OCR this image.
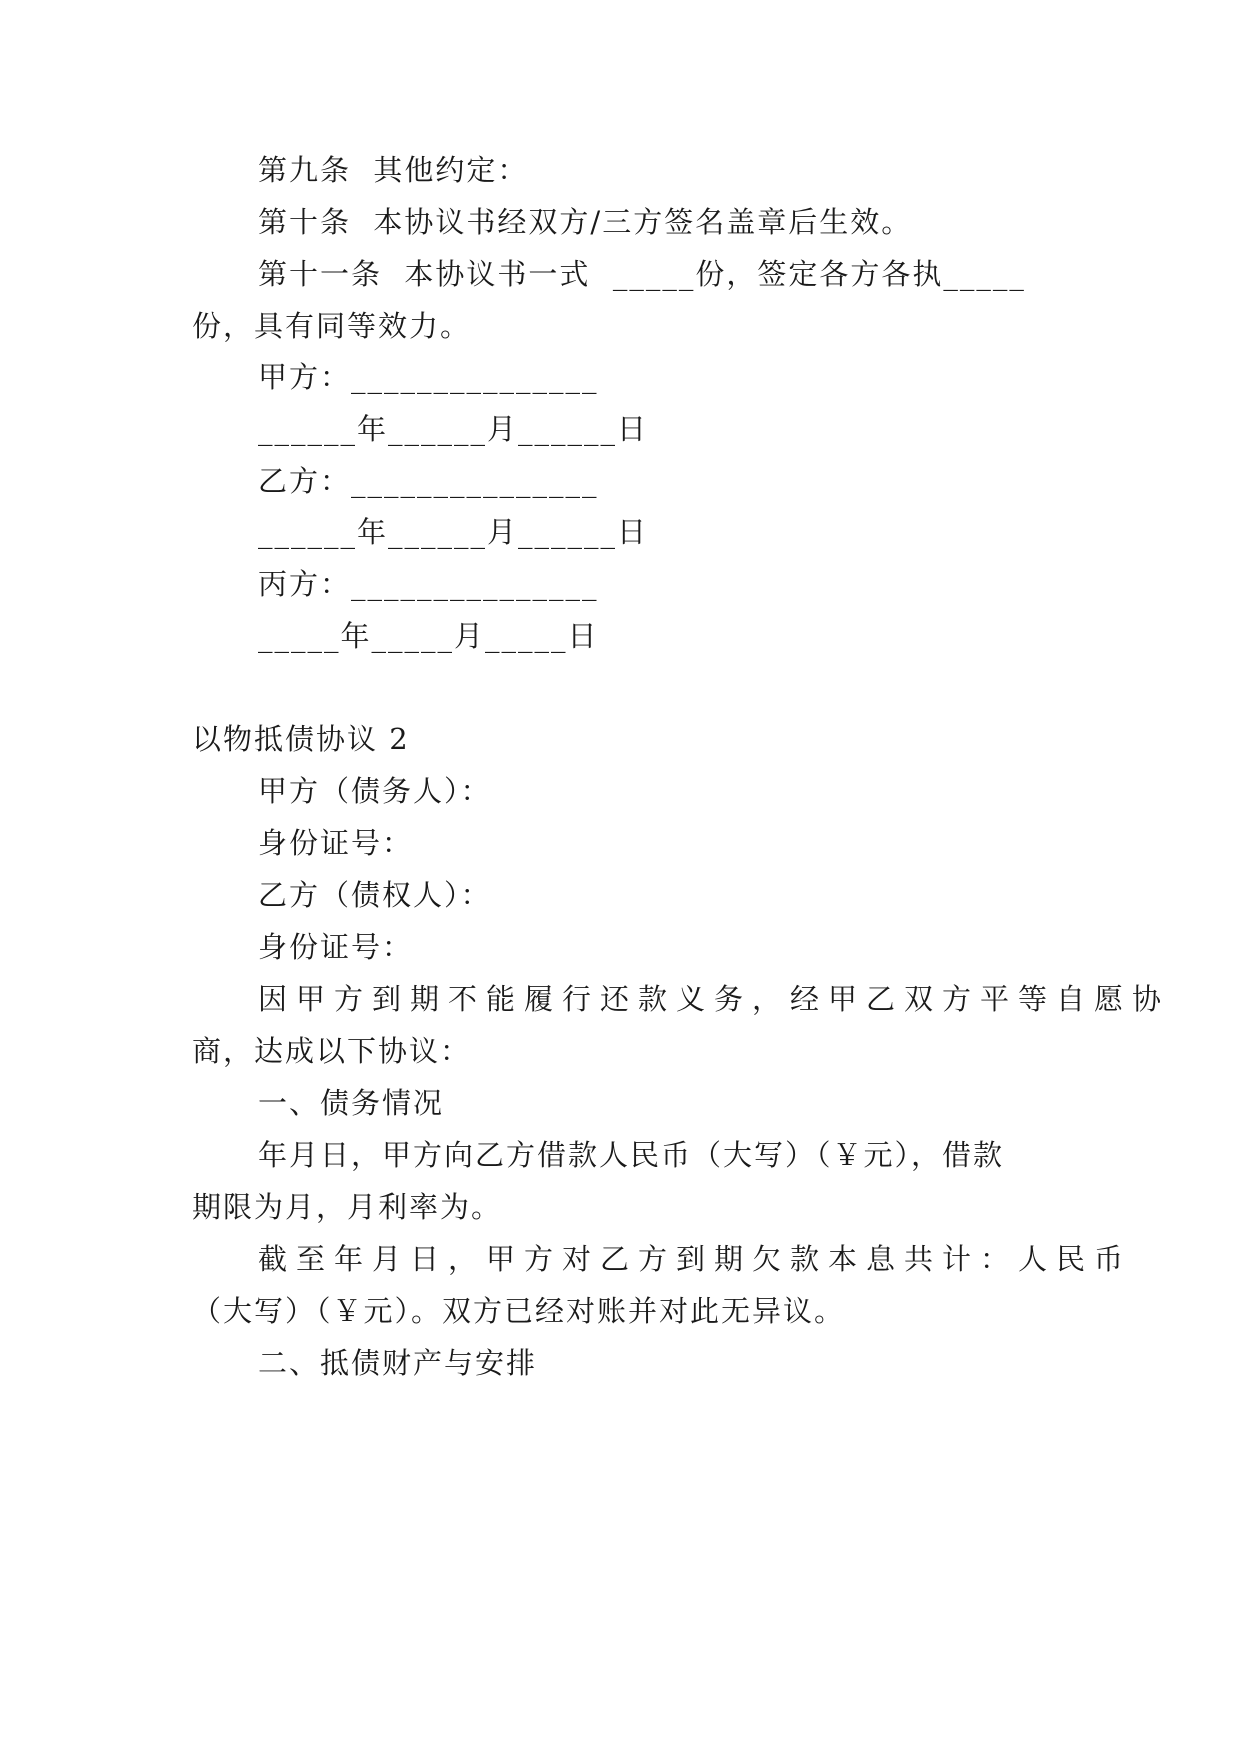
第九条  其他约定：
第十条  本协议书经双方/三方签名盖章后生效。
第十一条  本协议书一式  _____份，签定各方各执_____
份，具有同等效力。
甲方：_______________
______年______月______日
乙方：_______________
______年______月______日
丙方：_______________
_____年_____月_____日
以物抵债协议 2
甲方（债务人）：
身份证号：
乙方（债权人）：
身份证号：
因甲方到期不能履行还款义务，经甲乙双方平等自愿协
商，达成以下协议：
一、债务情况
年月日，甲方向乙方借款人民币（大写）（￥元），借款
期限为月，月利率为。
截至年月日，甲方对乙方到期欠款本息共计：人民币
（大写）（￥元）。双方已经对账并对此无异议。
二、抵债财产与安排
